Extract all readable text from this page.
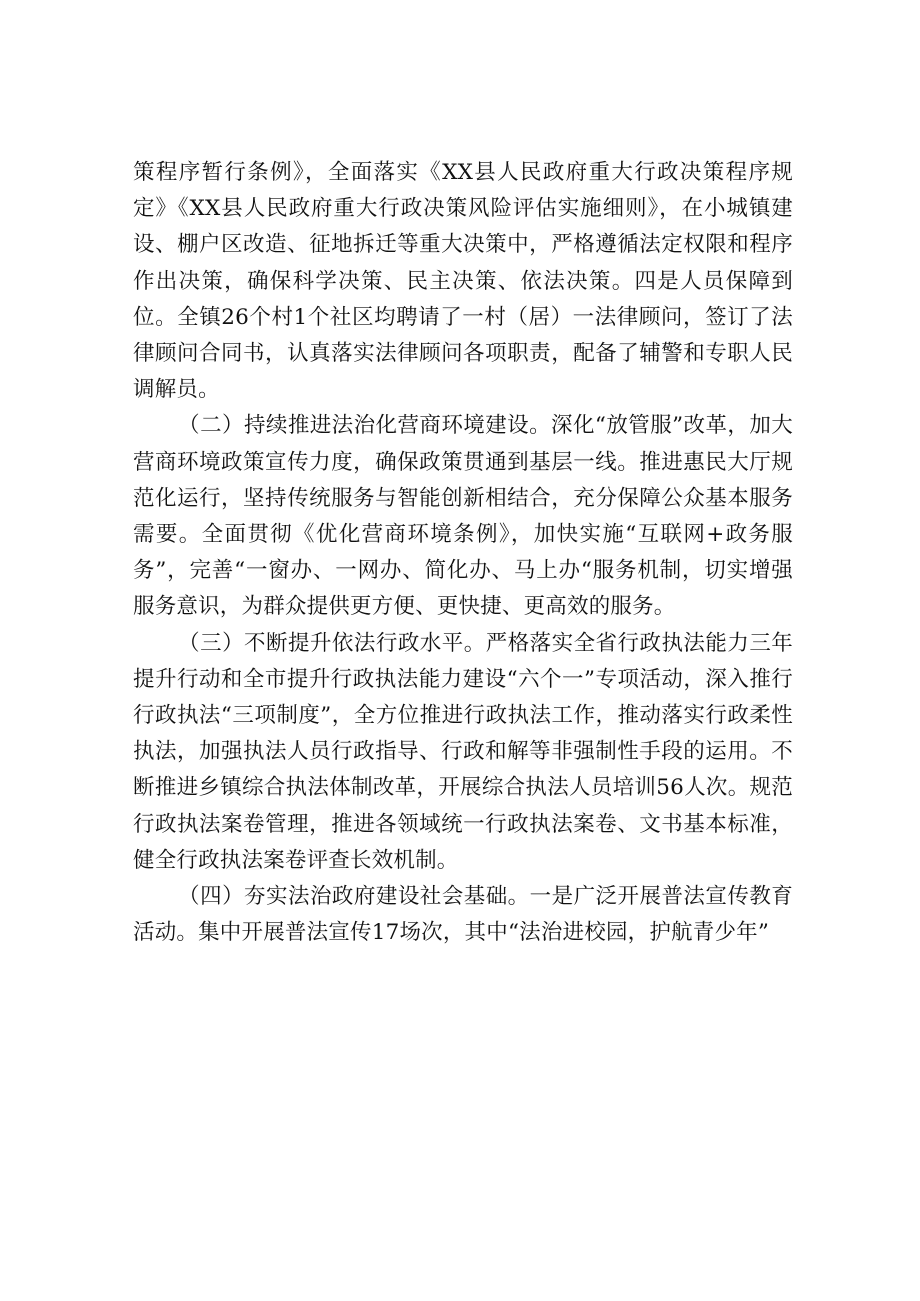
策程序暂行条例》，全面落实《XX县人民政府重大行政决策程序规定》《XX县人民政府重大行政决策风险评估实施细则》，在小城镇建设、棚户区改造、征地拆迁等重大决策中，严格遵循法定权限和程序作出决策，确保科学决策、民主决策、依法决策。四是人员保障到位。全镇26个村1个社区均聘请了一村（居）一法律顾问，签订了法律顾问合同书，认真落实法律顾问各项职责，配备了辅警和专职人民调解员。

（二）持续推进法治化营商环境建设。深化“放管服”改革，加大营商环境政策宣传力度，确保政策贯通到基层一线。推进惠民大厅规范化运行，坚持传统服务与智能创新相结合，充分保障公众基本服务需要。全面贯彻《优化营商环境条例》，加快实施“互联网+政务服务”，完善“一窗办、一网办、简化办、马上办“服务机制，切实增强服务意识，为群众提供更方便、更快捷、更高效的服务。

（三）不断提升依法行政水平。严格落实全省行政执法能力三年提升行动和全市提升行政执法能力建设“六个一”专项活动，深入推行行政执法“三项制度”，全方位推进行政执法工作，推动落实行政柔性执法，加强执法人员行政指导、行政和解等非强制性手段的运用。不断推进乡镇综合执法体制改革，开展综合执法人员培训56人次。规范行政执法案卷管理，推进各领域统一行政执法案卷、文书基本标准，健全行政执法案卷评查长效机制。

（四）夯实法治政府建设社会基础。一是广泛开展普法宣传教育活动。集中开展普法宣传17场次，其中“法治进校园，护航青少年”
